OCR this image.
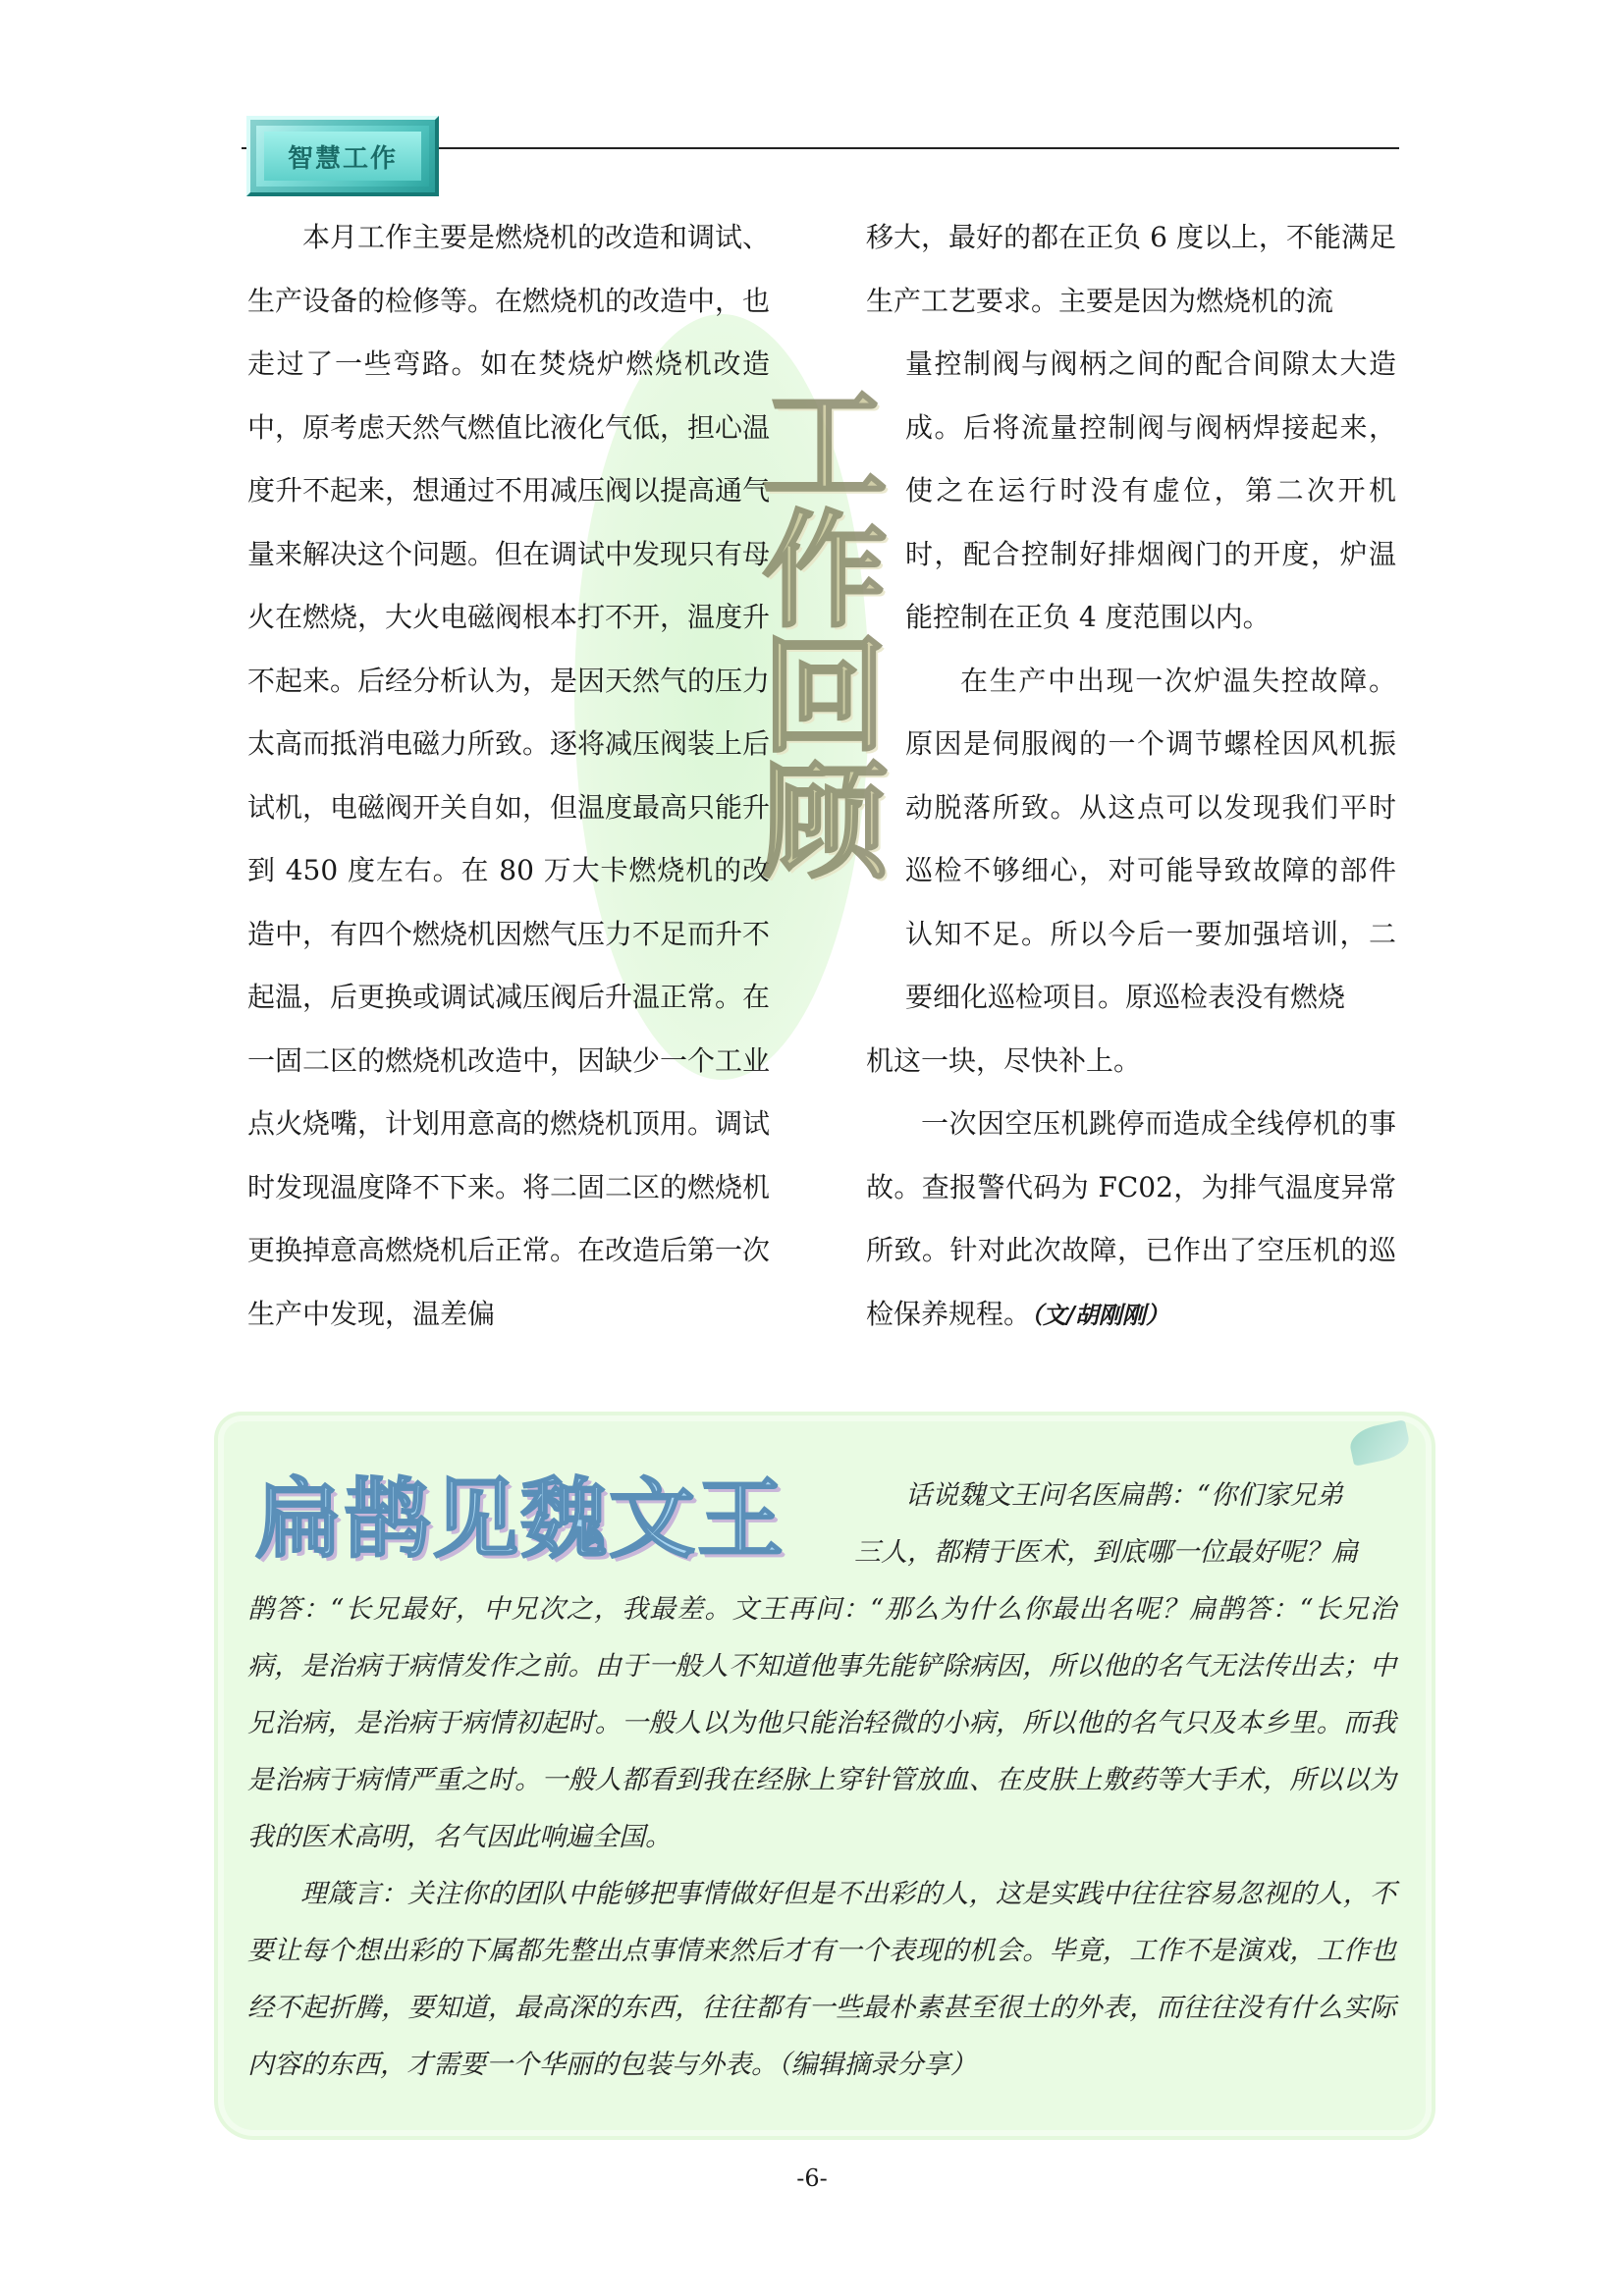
智慧工作

本月工作主要是燃烧机的改造和调试、生产设备的检修等。在燃烧机的改造中，也走过了一些弯路。如在焚烧炉燃烧机改造中，原考虑天然气燃值比液化气低，担心温度升不起来，想通过不用减压阀以提高通气量来解决这个问题。但在调试中发现只有母火在燃烧，大火电磁阀根本打不开，温度升不起来。后经分析认为，是因天然气的压力太高而抵消电磁力所致。逐将减压阀装上后试机，电磁阀开关自如，但温度最高只能升到 450 度左右。在 80 万大卡燃烧机的改造中，有四个燃烧机因燃气压力不足而升不起温，后更换或调试减压阀后升温正常。在一固二区的燃烧机改造中，因缺少一个工业点火烧嘴，计划用意高的燃烧机顶用。调试时发现温度降不下来。将二固二区的燃烧机更换掉意高燃烧机后正常。在改造后第一次生产中发现，温差偏

移大，最好的都在正负 6 度以上，不能满足生产工艺要求。主要是因为燃烧机的流

量控制阀与阀柄之间的配合间隙太大造成。后将流量控制阀与阀柄焊接起来，使之在运行时没有虚位，第二次开机时，配合控制好排烟阀门的开度，炉温能控制在正负 4 度范围以内。

在生产中出现一次炉温失控故障。原因是伺服阀的一个调节螺栓因风机振动脱落所致。从这点可以发现我们平时巡检不够细心，对可能导致故障的部件认知不足。所以今后一要加强培训，二要细化巡检项目。原巡检表没有燃烧

机这一块，尽快补上。

一次因空压机跳停而造成全线停机的事故。查报警代码为 FC02，为排气温度异常所致。针对此次故障，已作出了空压机的巡检保养规程。（文/胡刚刚）

工
作
回
顾

话说魏文王问名医扁鹊：“你们家兄弟

三人，都精于医术，到底哪一位最好呢？扁

鹊答：“长兄最好，中兄次之，我最差。文王再问：“那么为什么你最出名呢？扁鹊答：“长兄治病，是治病于病情发作之前。由于一般人不知道他事先能铲除病因，所以他的名气无法传出去；中兄治病，是治病于病情初起时。一般人以为他只能治轻微的小病，所以他的名气只及本乡里。而我是治病于病情严重之时。一般人都看到我在经脉上穿针管放血、在皮肤上敷药等大手术，所以以为我的医术高明，名气因此响遍全国。

理箴言：关注你的团队中能够把事情做好但是不出彩的人，这是实践中往往容易忽视的人，不要让每个想出彩的下属都先整出点事情来然后才有一个表现的机会。毕竟，工作不是演戏，工作也经不起折腾，要知道，最高深的东西，往往都有一些最朴素甚至很土的外表，而往往没有什么实际内容的东西，才需要一个华丽的包装与外表。（编辑摘录分享）

扁鹊见魏文王
-6-
